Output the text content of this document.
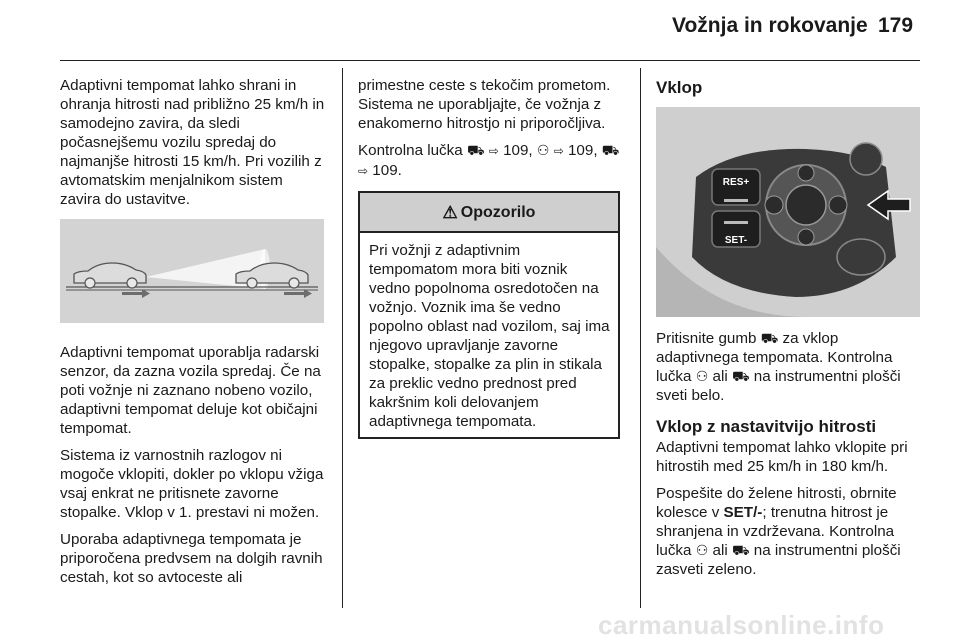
Vožnja in rokovanje 179

Adaptivni tempomat lahko shrani in ohranja hitrosti nad približno 25 km/h in samodejno zavira, da sledi počasnejšemu vozilu spredaj do najmanjše hitrosti 15 km/h. Pri vozilih z avtomatskim menjalnikom sistem zavira do ustavitve.

Adaptivni tempomat uporablja radarski senzor, da zazna vozila spredaj. Če na poti vožnje ni zaznano nobeno vozilo, adaptivni tempomat deluje kot običajni tempomat.

Sistema iz varnostnih razlogov ni mogoče vklopiti, dokler po vklopu vžiga vsaj enkrat ne pritisnete zavorne stopalke. Vklop v 1. prestavi ni možen.

Uporaba adaptivnega tempomata je priporočena predvsem na dolgih ravnih cestah, kot so avtoceste ali

primestne ceste s tekočim prometom. Sistema ne uporabljajte, če vožnja z enakomerno hitrostjo ni priporočljiva.

Kontrolna lučka ⛟ ⇨ 109, ⚇ ⇨ 109, ⛟
⇨ 109.

⚠ Opozorilo
Pri vožnji z adaptivnim tempomatom mora biti voznik vedno popolnoma osredotočen na vožnjo. Voznik ima še vedno popolno oblast nad vozilom, saj ima njegovo upravljanje zavorne stopalke, stopalke za plin in stikala za preklic vedno prednost pred kakršnim koli delovanjem adaptivnega tempomata.
Vklop
RES+
SET-

Pritisnite gumb ⛟ za vklop adaptivnega tempomata. Kontrolna lučka ⚇ ali ⛟ na instrumentni plošči sveti belo.

Vklop z nastavitvijo hitrosti

Adaptivni tempomat lahko vklopite pri hitrostih med 25 km/h in 180 km/h.

Pospešite do želene hitrosti, obrnite kolesce v SET/-; trenutna hitrost je shranjena in vzdrževana. Kontrolna lučka ⚇ ali ⛟ na instrumentni plošči zasveti zeleno.

carmanualsonline.info
